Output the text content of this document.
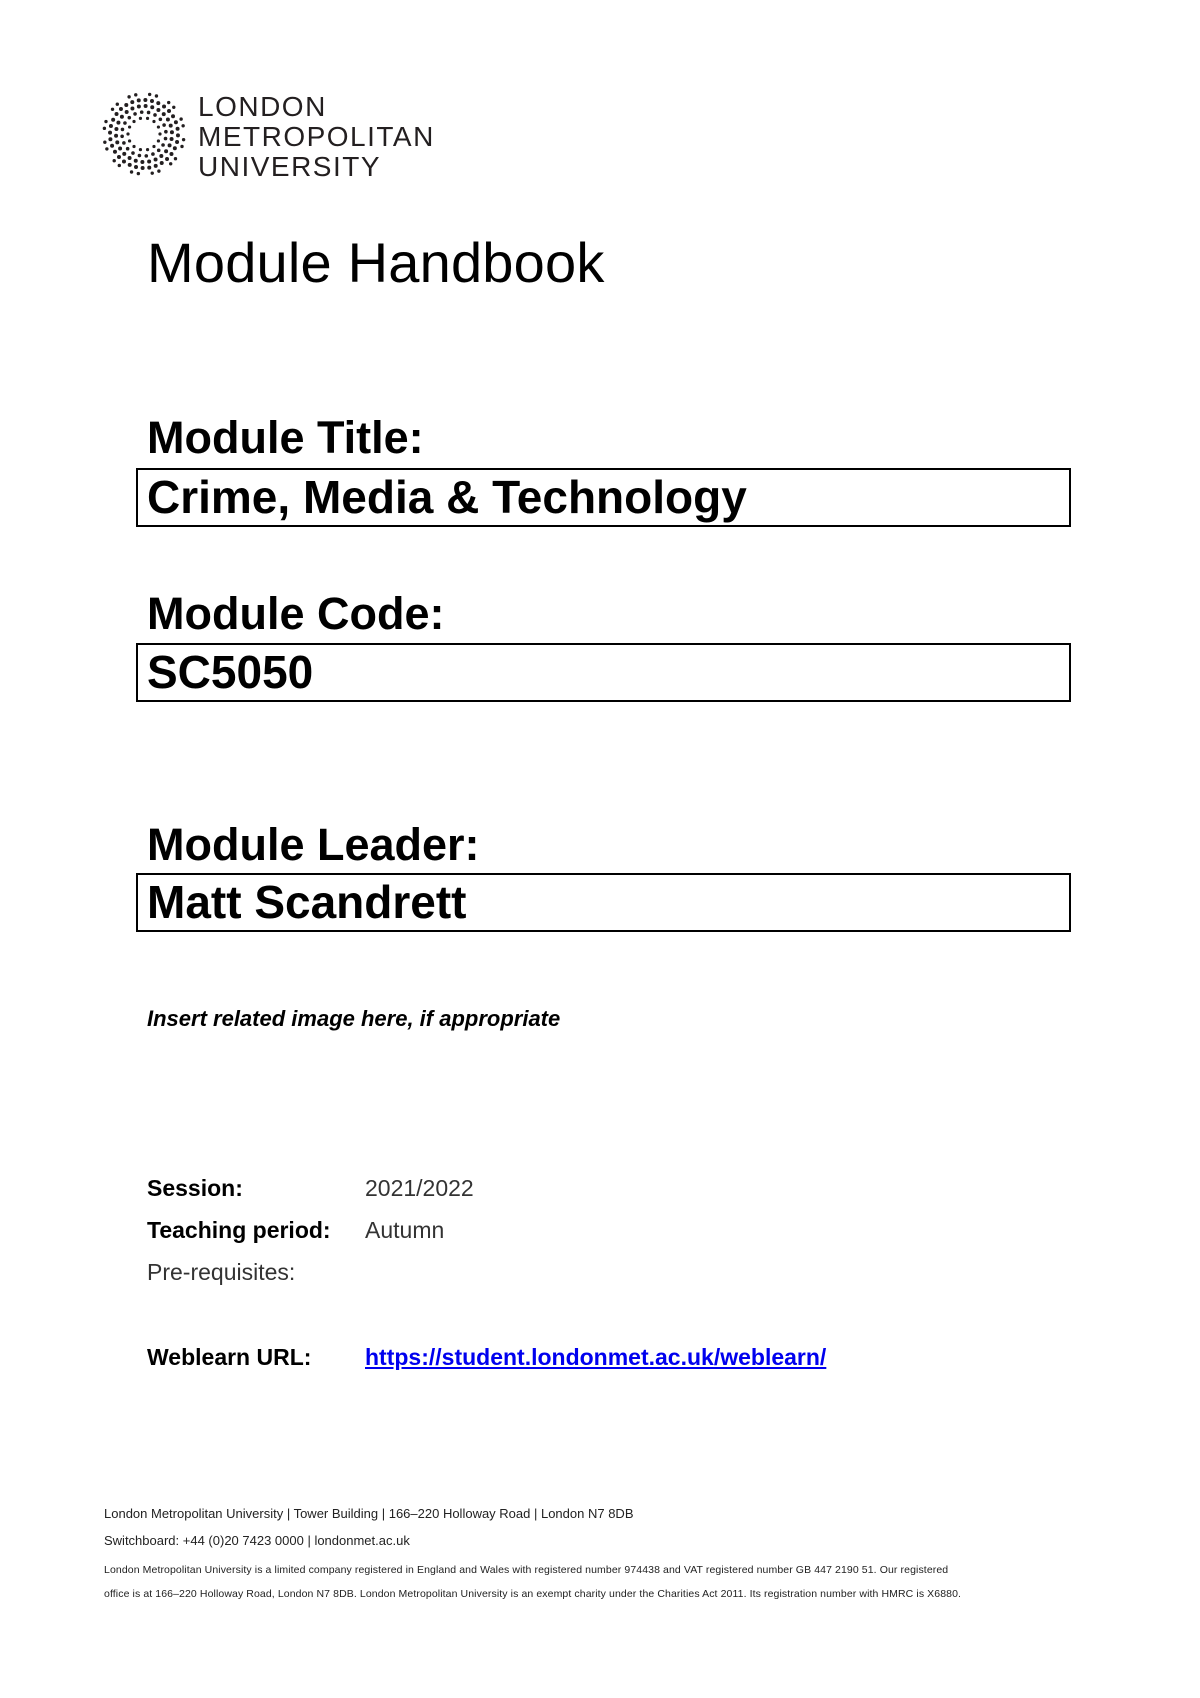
LONDON
METROPOLITAN
UNIVERSITY
Module Handbook
Module Title:
Crime, Media & Technology
Module Code:
SC5050
Module Leader:
Matt Scandrett
Insert related image here, if appropriate
Session:	2021/2022
Teaching period: Autumn
Pre-requisites:
Weblearn URL: https://student.londonmet.ac.uk/weblearn/
London Metropolitan University | Tower Building | 166–220 Holloway Road | London N7 8DB
Switchboard: +44 (0)20 7423 0000 | londonmet.ac.uk
London Metropolitan University is a limited company registered in England and Wales with registered number 974438 and VAT registered number GB 447 2190 51. Our registered
office is at 166–220 Holloway Road, London N7 8DB. London Metropolitan University is an exempt charity under the Charities Act 2011. Its registration number with HMRC is X6880.
